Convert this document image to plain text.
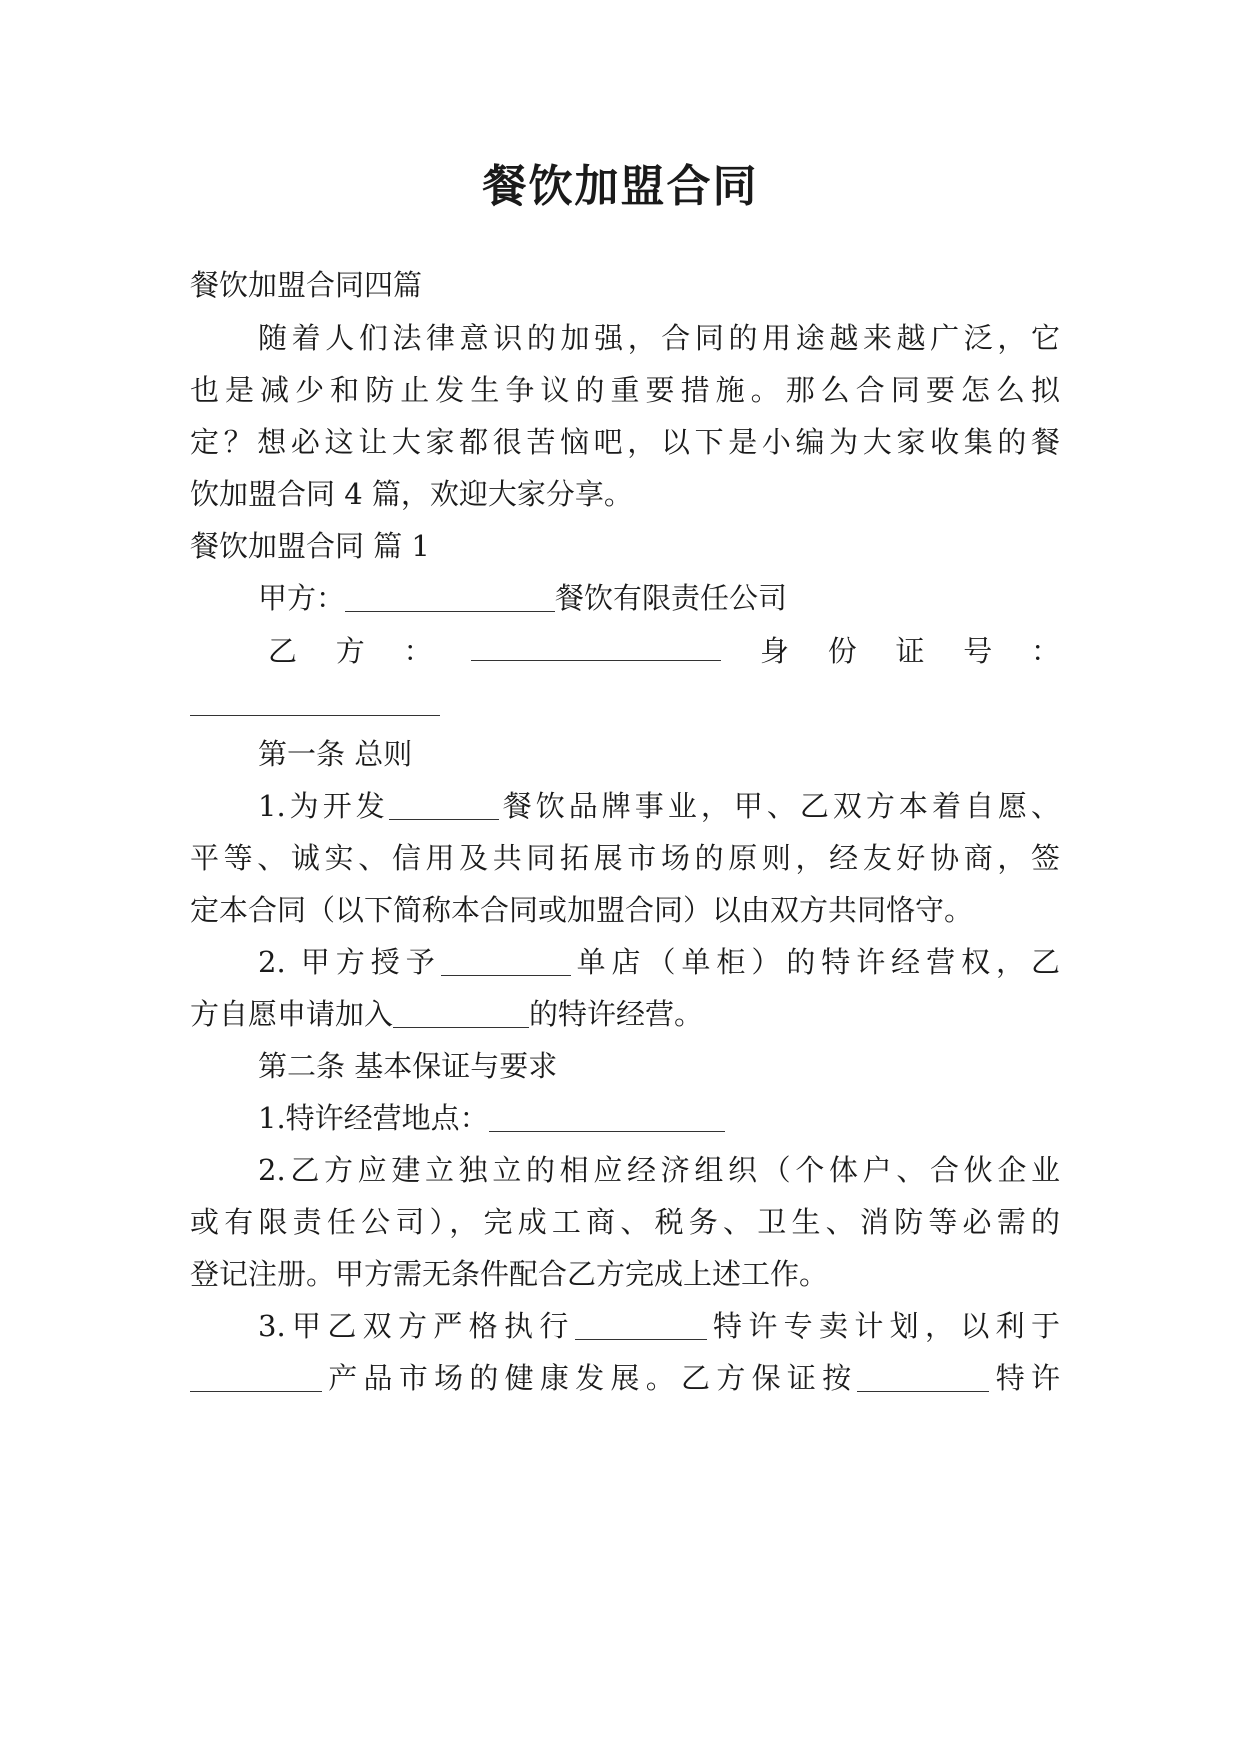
餐饮加盟合同
餐饮加盟合同四篇
随着人们法律意识的加强，合同的用途越来越广泛，它
也是减少和防止发生争议的重要措施。那么合同要怎么拟
定？想必这让大家都很苦恼吧，以下是小编为大家收集的餐
饮加盟合同 4 篇，欢迎大家分享。
餐饮加盟合同 篇 1
甲方：	餐饮有限责任公司
乙 方 ：	身 份 证 号 ：
第一条 总则
1.为开发	餐饮品牌事业，甲、乙双方本着自愿、
平等、诚实、信用及共同拓展市场的原则，经友好协商，签
定本合同（以下简称本合同或加盟合同）以由双方共同恪守。
2. 甲方授予	单店（单柜）的特许经营权，乙
方自愿申请加入	的特许经营。
第二条 基本保证与要求
1.特许经营地点：
2.乙方应建立独立的相应经济组织（个体户、合伙企业
或有限责任公司），完成工商、税务、卫生、消防等必需的
登记注册。甲方需无条件配合乙方完成上述工作。
3.甲乙双方严格执行	特许专卖计划，以利于
产品市场的健康发展。乙方保证按	特许
